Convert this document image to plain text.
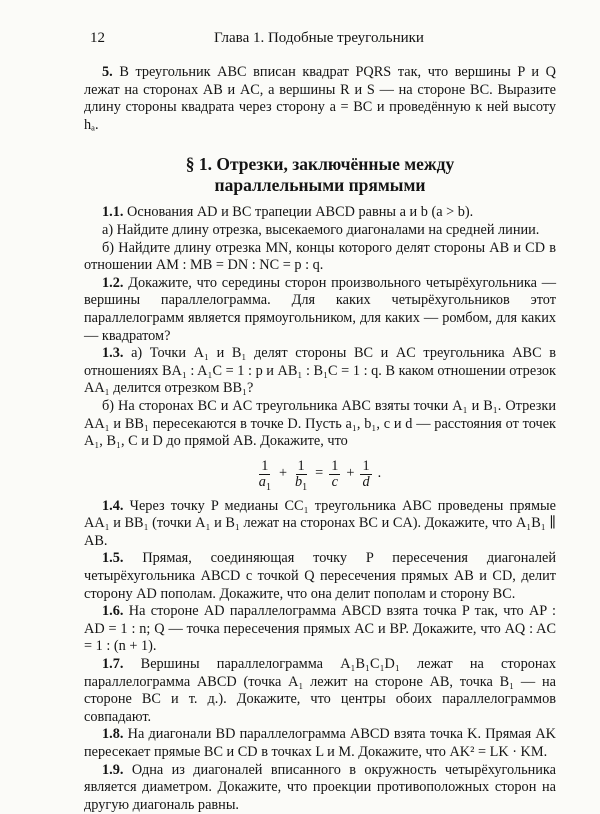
12	Глава 1. Подобные треугольники

5. В треугольник ABC вписан квадрат PQRS так, что вершины P и Q лежат на сторонах AB и AC, а вершины R и S — на стороне BC. Выразите длину стороны квадрата через сторону a = BC и проведённую к ней высоту hₐ.

§ 1. Отрезки, заключённые между
параллельными прямыми

1.1. Основания AD и BC трапеции ABCD равны a и b (a > b).

а) Найдите длину отрезка, высекаемого диагоналами на средней линии.

б) Найдите длину отрезка MN, концы которого делят стороны AB и CD в отношении AM : MB = DN : NC = p : q.

1.2. Докажите, что середины сторон произвольного четырёхугольника — вершины параллелограмма. Для каких четырёхугольников этот параллелограмм является прямоугольником, для каких — ромбом, для каких — квадратом?

1.3. а) Точки A₁ и B₁ делят стороны BC и AC треугольника ABC в отношениях BA₁ : A₁C = 1 : p и AB₁ : B₁C = 1 : q. В каком отношении отрезок AA₁ делится отрезком BB₁?

б) На сторонах BC и AC треугольника ABC взяты точки A₁ и B₁. Отрезки AA₁ и BB₁ пересекаются в точке D. Пусть a₁, b₁, c и d — расстояния от точек A₁, B₁, C и D до прямой AB. Докажите, что

$\frac{1}{a_1} + \frac{1}{b_1} = \frac{1}{c} + \frac{1}{d}$ .

1.4. Через точку P медианы CC₁ треугольника ABC проведены прямые AA₁ и BB₁ (точки A₁ и B₁ лежат на сторонах BC и CA). Докажите, что A₁B₁ ∥ AB.

1.5. Прямая, соединяющая точку P пересечения диагоналей четырёхугольника ABCD с точкой Q пересечения прямых AB и CD, делит сторону AD пополам. Докажите, что она делит пополам и сторону BC.

1.6. На стороне AD параллелограмма ABCD взята точка P так, что AP : AD = 1 : n; Q — точка пересечения прямых AC и BP. Докажите, что AQ : AC = 1 : (n + 1).

1.7. Вершины параллелограмма A₁B₁C₁D₁ лежат на сторонах параллелограмма ABCD (точка A₁ лежит на стороне AB, точка B₁ — на стороне BC и т. д.). Докажите, что центры обоих параллелограммов совпадают.

1.8. На диагонали BD параллелограмма ABCD взята точка K. Прямая AK пересекает прямые BC и CD в точках L и M. Докажите, что AK² = LK · KM.

1.9. Одна из диагоналей вписанного в окружность четырёхугольника является диаметром. Докажите, что проекции противоположных сторон на другую диагональ равны.
